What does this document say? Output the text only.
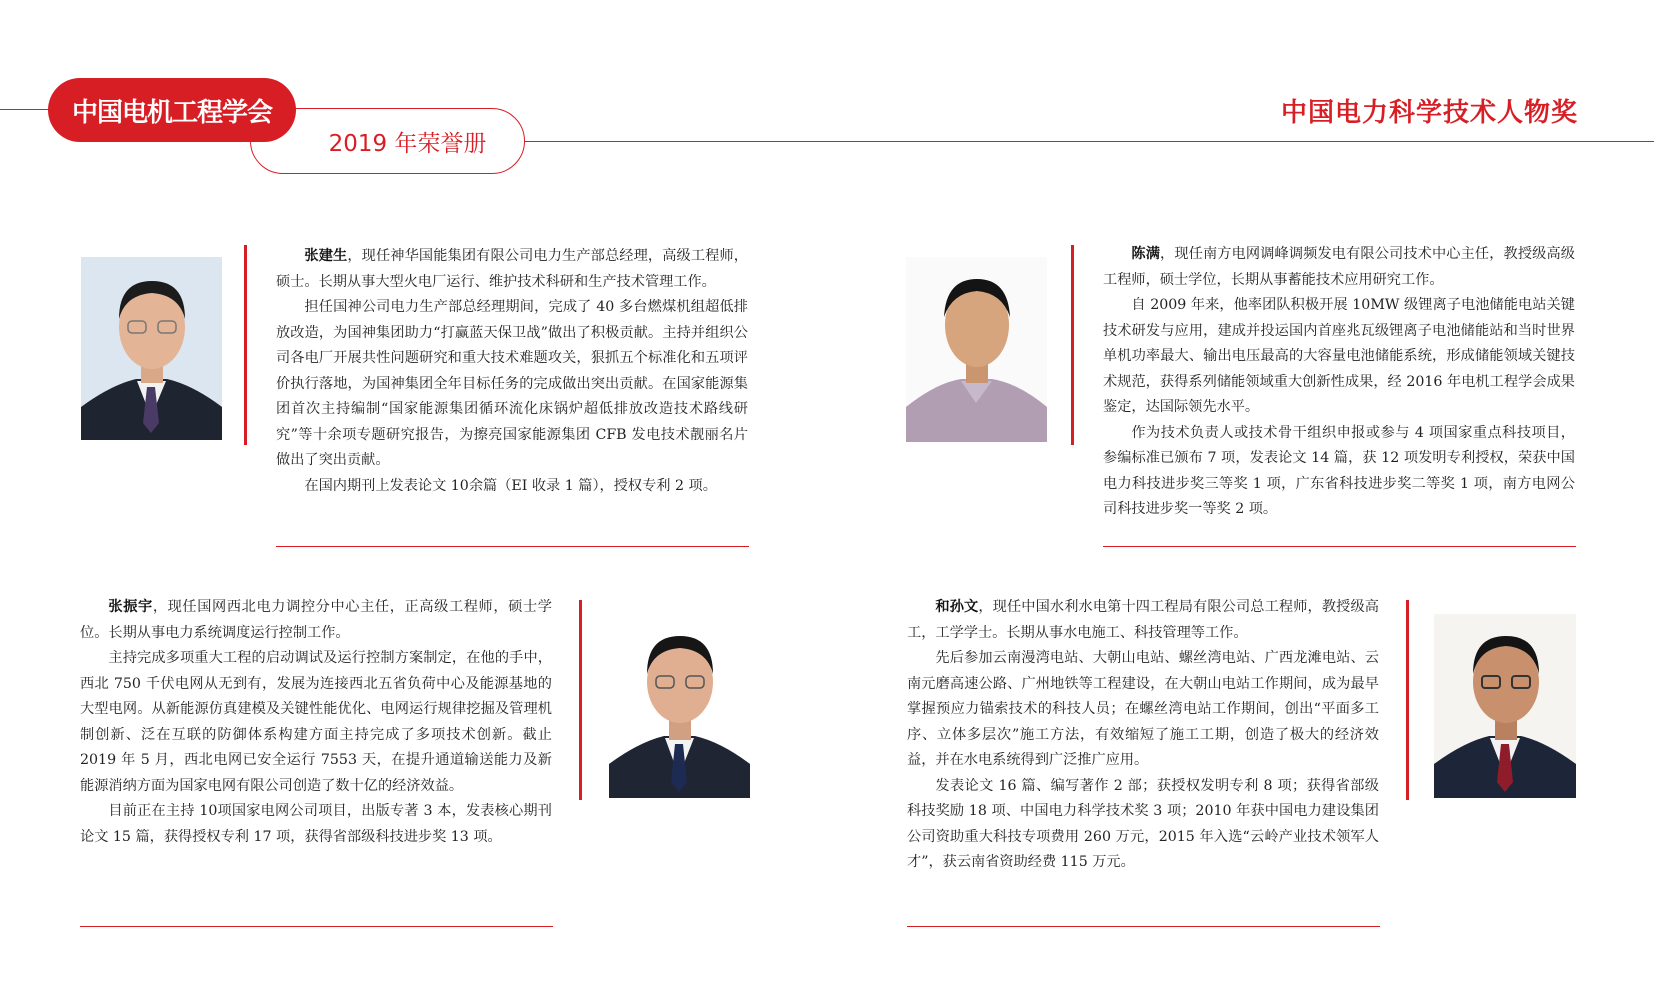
中国电机工程学会
2019 年荣誉册
中国电力科学技术人物奖

张建生，现任神华国能集团有限公司电力生产部总经理，高级工程师，硕士。长期从事大型火电厂运行、维护技术科研和生产技术管理工作。

担任国神公司电力生产部总经理期间，完成了 40 多台燃煤机组超低排放改造，为国神集团助力“打赢蓝天保卫战”做出了积极贡献。主持并组织公司各电厂开展共性问题研究和重大技术难题攻关，狠抓五个标准化和五项评价执行落地，为国神集团全年目标任务的完成做出突出贡献。在国家能源集团首次主持编制“国家能源集团循环流化床锅炉超低排放改造技术路线研究”等十余项专题研究报告，为擦亮国家能源集团 CFB 发电技术靓丽名片做出了突出贡献。

在国内期刊上发表论文 10余篇（EI 收录 1 篇），授权专利 2 项。

陈满，现任南方电网调峰调频发电有限公司技术中心主任，教授级高级工程师，硕士学位，长期从事蓄能技术应用研究工作。

自 2009 年来，他率团队积极开展 10MW 级锂离子电池储能电站关键技术研发与应用，建成并投运国内首座兆瓦级锂离子电池储能站和当时世界单机功率最大、输出电压最高的大容量电池储能系统，形成储能领域关键技术规范，获得系列储能领域重大创新性成果，经 2016 年电机工程学会成果鉴定，达国际领先水平。

作为技术负责人或技术骨干组织申报或参与 4 项国家重点科技项目，参编标准已颁布 7 项，发表论文 14 篇，获 12 项发明专利授权，荣获中国电力科技进步奖三等奖 1 项，广东省科技进步奖二等奖 1 项，南方电网公司科技进步奖一等奖 2 项。

张振宇，现任国网西北电力调控分中心主任，正高级工程师，硕士学位。长期从事电力系统调度运行控制工作。

主持完成多项重大工程的启动调试及运行控制方案制定，在他的手中，西北 750 千伏电网从无到有，发展为连接西北五省负荷中心及能源基地的大型电网。从新能源仿真建模及关键性能优化、电网运行规律挖掘及管理机制创新、泛在互联的防御体系构建方面主持完成了多项技术创新。截止 2019 年 5 月，西北电网已安全运行 7553 天，在提升通道输送能力及新能源消纳方面为国家电网有限公司创造了数十亿的经济效益。

目前正在主持 10项国家电网公司项目，出版专著 3 本，发表核心期刊论文 15 篇，获得授权专利 17 项，获得省部级科技进步奖 13 项。

和孙文，现任中国水利水电第十四工程局有限公司总工程师，教授级高工，工学学士。长期从事水电施工、科技管理等工作。

先后参加云南漫湾电站、大朝山电站、螺丝湾电站、广西龙滩电站、云南元磨高速公路、广州地铁等工程建设，在大朝山电站工作期间，成为最早掌握预应力锚索技术的科技人员；在螺丝湾电站工作期间，创出“平面多工序、立体多层次”施工方法，有效缩短了施工工期，创造了极大的经济效益，并在水电系统得到广泛推广应用。

发表论文 16 篇、编写著作 2 部；获授权发明专利 8 项；获得省部级科技奖励 18 项、中国电力科学技术奖 3 项；2010 年获中国电力建设集团公司资助重大科技专项费用 260 万元，2015 年入选“云岭产业技术领军人才”，获云南省资助经费 115 万元。
